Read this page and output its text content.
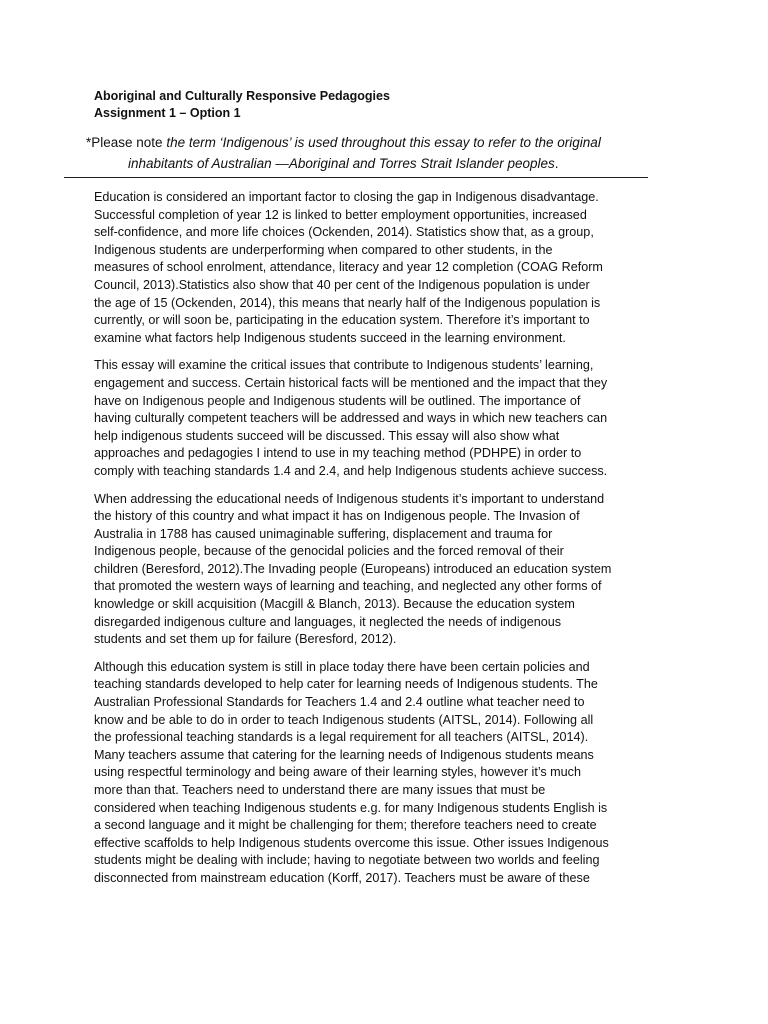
Aboriginal and Culturally Responsive Pedagogies
Assignment 1 – Option 1
*Please note the term ‘Indigenous’ is used throughout this essay to refer to the original
inhabitants of Australian —Aboriginal and Torres Strait Islander peoples.

Education is considered an important factor to closing the gap in Indigenous disadvantage.
Successful completion of year 12 is linked to better employment opportunities, increased
self-confidence, and more life choices (Ockenden, 2014). Statistics show that, as a group,
Indigenous students are underperforming when compared to other students, in the
measures of school enrolment, attendance, literacy and year 12 completion (COAG Reform
Council, 2013).Statistics also show that 40 per cent of the Indigenous population is under
the age of 15 (Ockenden, 2014), this means that nearly half of the Indigenous population is
currently, or will soon be, participating in the education system. Therefore it’s important to
examine what factors help Indigenous students succeed in the learning environment.

This essay will examine the critical issues that contribute to Indigenous students’ learning,
engagement and success. Certain historical facts will be mentioned and the impact that they
have on Indigenous people and Indigenous students will be outlined. The importance of
having culturally competent teachers will be addressed and ways in which new teachers can
help indigenous students succeed will be discussed. This essay will also show what
approaches and pedagogies I intend to use in my teaching method (PDHPE) in order to
comply with teaching standards 1.4 and 2.4, and help Indigenous students achieve success.

When addressing the educational needs of Indigenous students it’s important to understand
the history of this country and what impact it has on Indigenous people. The Invasion of
Australia in 1788 has caused unimaginable suffering, displacement and trauma for
Indigenous people, because of the genocidal policies and the forced removal of their
children (Beresford, 2012).The Invading people (Europeans) introduced an education system
that promoted the western ways of learning and teaching, and neglected any other forms of
knowledge or skill acquisition (Macgill & Blanch, 2013). Because the education system
disregarded indigenous culture and languages, it neglected the needs of indigenous
students and set them up for failure (Beresford, 2012).

Although this education system is still in place today there have been certain policies and
teaching standards developed to help cater for learning needs of Indigenous students. The
Australian Professional Standards for Teachers 1.4 and 2.4 outline what teacher need to
know and be able to do in order to teach Indigenous students (AITSL, 2014). Following all
the professional teaching standards is a legal requirement for all teachers (AITSL, 2014).
Many teachers assume that catering for the learning needs of Indigenous students means
using respectful terminology and being aware of their learning styles, however it’s much
more than that. Teachers need to understand there are many issues that must be
considered when teaching Indigenous students e.g. for many Indigenous students English is
a second language and it might be challenging for them; therefore teachers need to create
effective scaffolds to help Indigenous students overcome this issue. Other issues Indigenous
students might be dealing with include; having to negotiate between two worlds and feeling
disconnected from mainstream education (Korff, 2017). Teachers must be aware of these
